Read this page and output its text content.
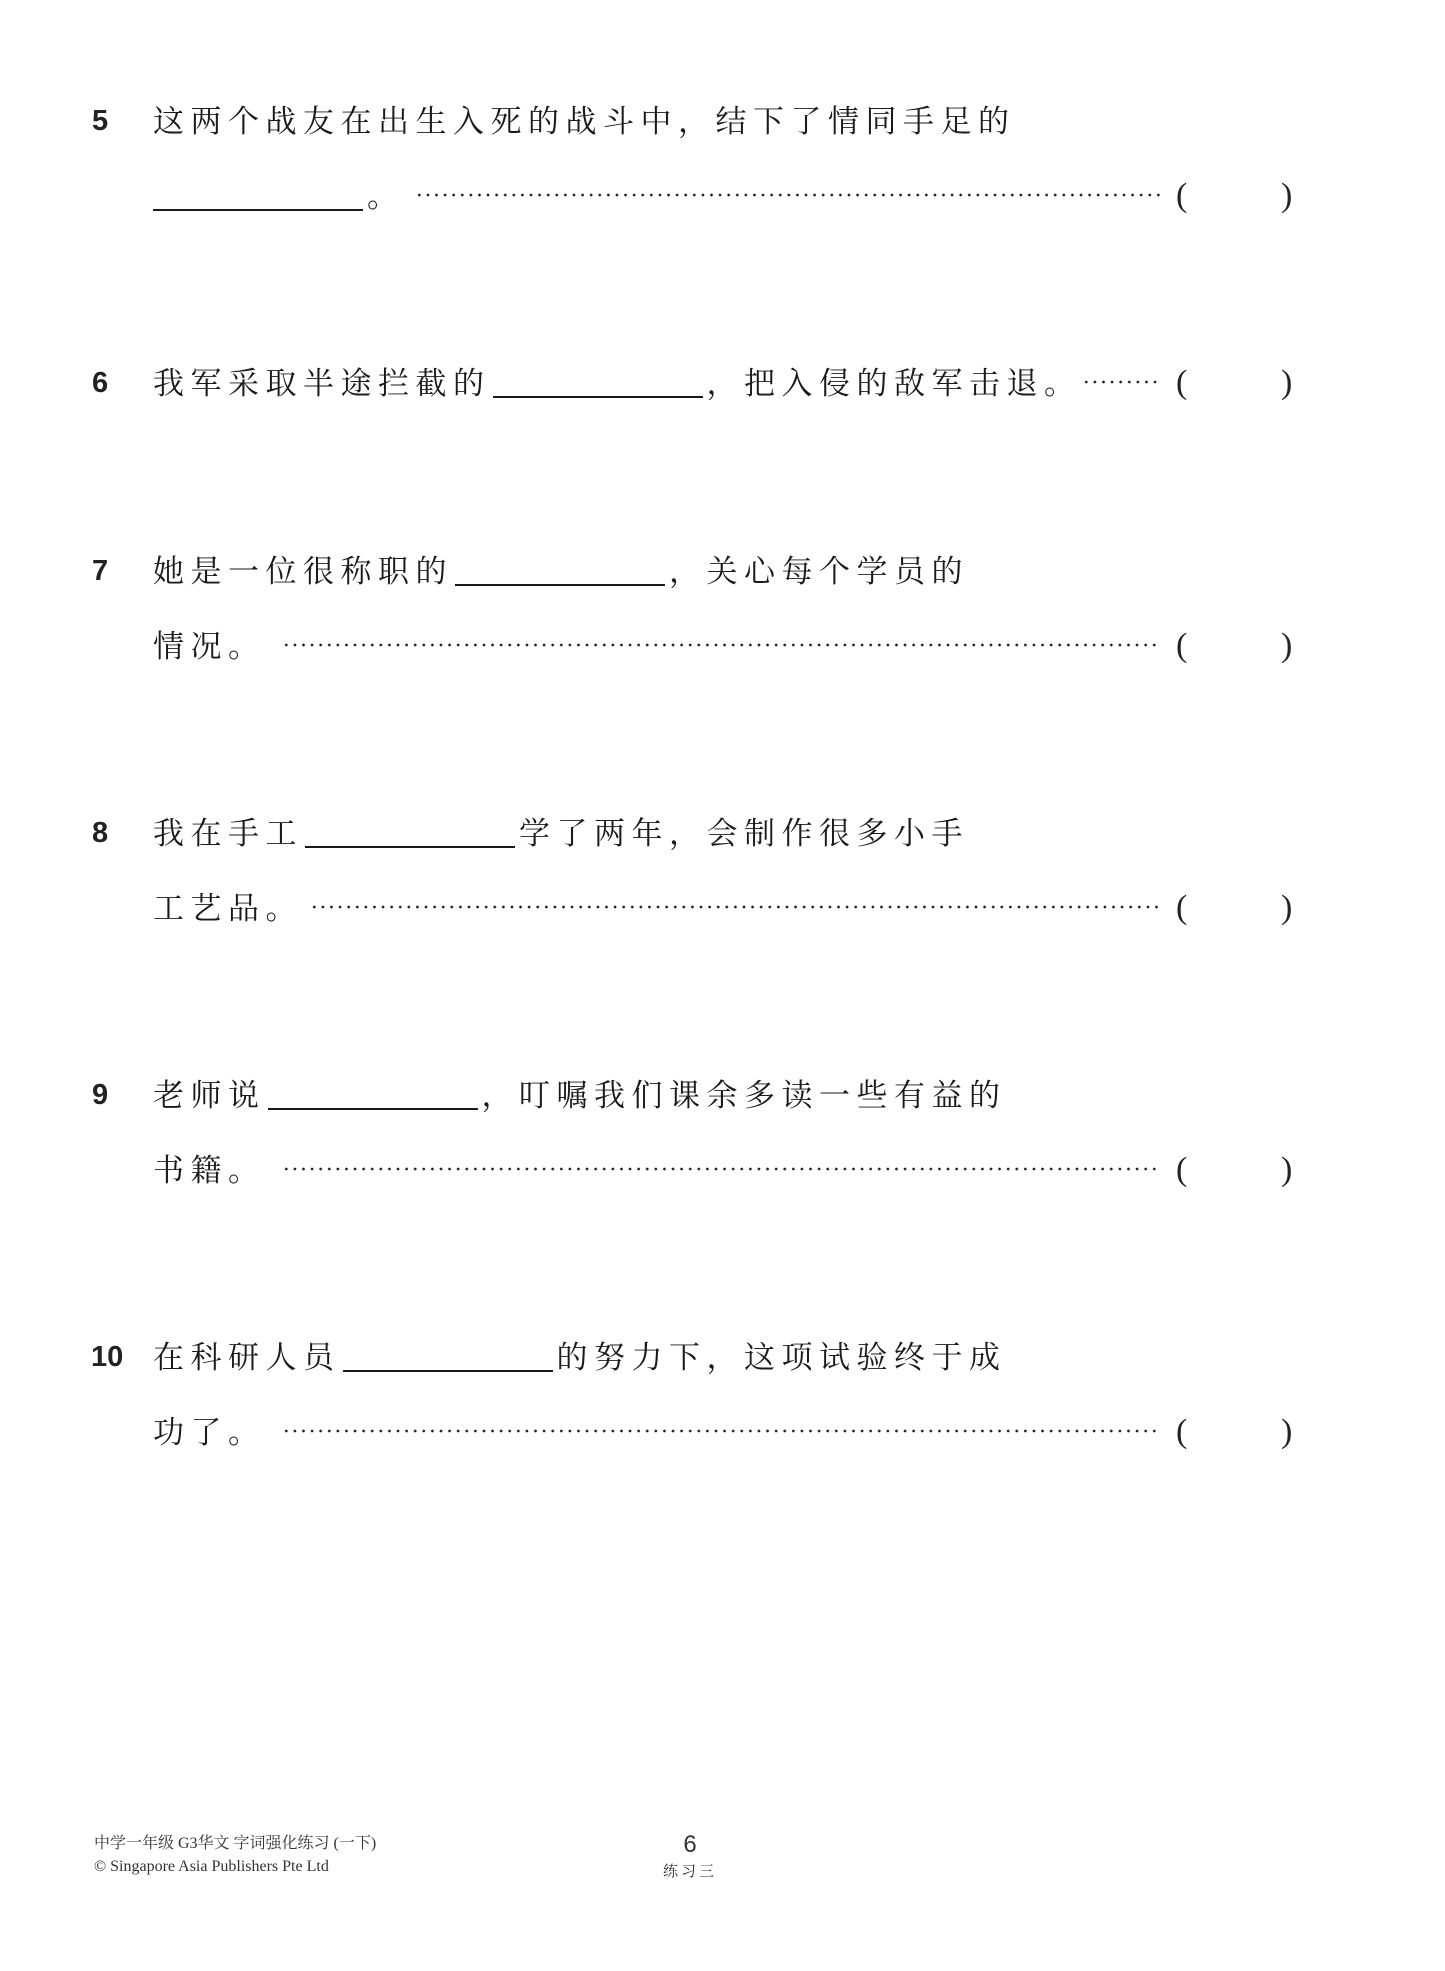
5 这两个战友在出生入死的战斗中，结下了情同手足的
。	(	)
6 我军采取半途拦截的	，把入侵的敌军击退。	(	)
7 她是一位很称职的	，关心每个学员的
情况。	(	)
8 我在手工	学了两年，会制作很多小手
工艺品。	(	)
9 老师说	，叮嘱我们课余多读一些有益的
书籍。	(	)
10 在科研人员	的努力下，这项试验终于成
功了。	(	)
中学一年级 G3华文 字词强化练习 (一下)
© Singapore Asia Publishers Pte Ltd
6
练习三
